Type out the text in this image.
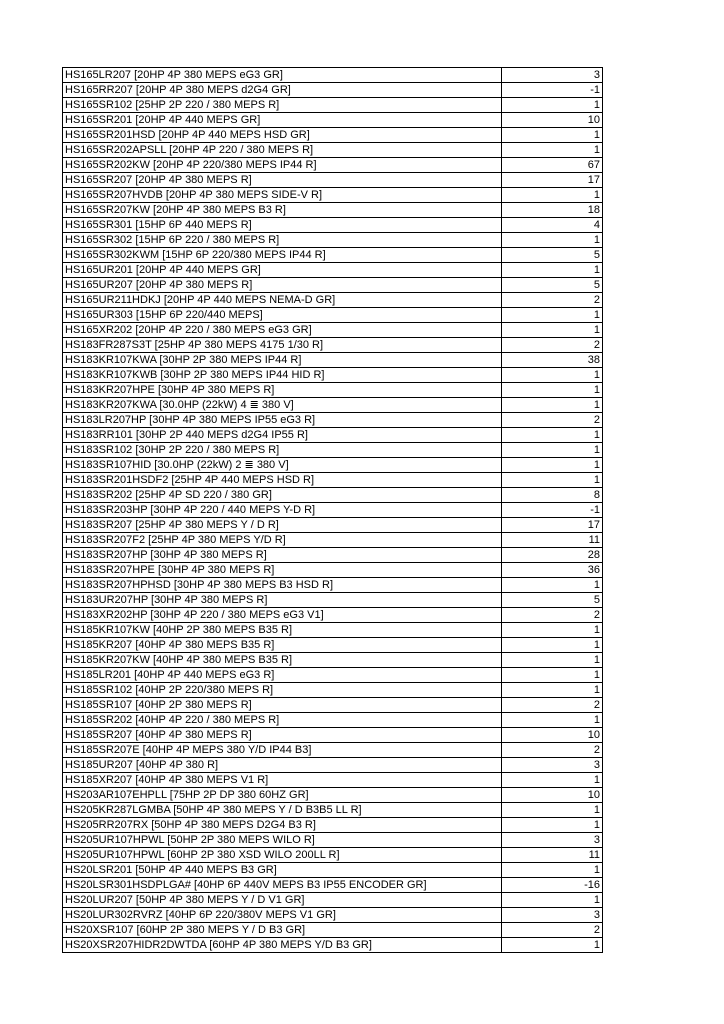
HS165LR207 [20HP 4P 380 MEPS eG3 GR]	3
HS165RR207 [20HP 4P 380 MEPS d2G4 GR]	-1
HS165SR102 [25HP 2P 220 / 380 MEPS R]	1
HS165SR201 [20HP 4P 440 MEPS GR]	10
HS165SR201HSD [20HP 4P 440 MEPS HSD GR]	1
HS165SR202APSLL [20HP 4P 220 / 380 MEPS R]	1
HS165SR202KW [20HP 4P 220/380 MEPS IP44 R]	67
HS165SR207 [20HP 4P 380 MEPS R]	17
HS165SR207HVDB [20HP 4P 380 MEPS SIDE-V R]	1
HS165SR207KW [20HP 4P 380 MEPS B3 R]	18
HS165SR301 [15HP 6P 440 MEPS R]	4
HS165SR302 [15HP 6P 220 / 380 MEPS R]	1
HS165SR302KWM [15HP 6P 220/380 MEPS IP44 R]	5
HS165UR201 [20HP 4P 440 MEPS GR]	1
HS165UR207 [20HP 4P 380 MEPS R]	5
HS165UR211HDKJ [20HP 4P 440 MEPS NEMA-D GR]	2
HS165UR303 [15HP 6P 220/440 MEPS]	1
HS165XR202 [20HP 4P 220 / 380 MEPS eG3 GR]	1
HS183FR287S3T [25HP 4P 380 MEPS 4175 1/30 R]	2
HS183KR107KWA [30HP 2P 380 MEPS IP44 R]	38
HS183KR107KWB [30HP 2P 380 MEPS IP44 HID R]	1
HS183KR207HPE [30HP 4P 380 MEPS R]	1
HS183KR207KWA [30.0HP (22kW) 4 ≣ 380 V]	1
HS183LR207HP [30HP 4P 380 MEPS IP55 eG3 R]	2
HS183RR101 [30HP 2P 440 MEPS d2G4 IP55 R]	1
HS183SR102 [30HP 2P 220 / 380 MEPS R]	1
HS183SR107HID [30.0HP (22kW) 2 ≣ 380 V]	1
HS183SR201HSDF2 [25HP 4P 440 MEPS HSD R]	1
HS183SR202 [25HP 4P SD 220 / 380 GR]	8
HS183SR203HP [30HP 4P 220 / 440 MEPS Y-D R]	-1
HS183SR207 [25HP 4P 380 MEPS Y / D R]	17
HS183SR207F2 [25HP 4P 380 MEPS Y/D R]	11
HS183SR207HP [30HP 4P 380 MEPS R]	28
HS183SR207HPE [30HP 4P 380 MEPS R]	36
HS183SR207HPHSD [30HP 4P 380 MEPS B3 HSD R]	1
HS183UR207HP [30HP 4P 380 MEPS R]	5
HS183XR202HP [30HP 4P 220 / 380 MEPS eG3 V1]	2
HS185KR107KW [40HP 2P 380 MEPS B35 R]	1
HS185KR207 [40HP 4P 380 MEPS B35 R]	1
HS185KR207KW [40HP 4P 380 MEPS B35 R]	1
HS185LR201 [40HP 4P 440 MEPS eG3 R]	1
HS185SR102 [40HP 2P 220/380 MEPS R]	1
HS185SR107 [40HP 2P 380 MEPS R]	2
HS185SR202 [40HP 4P 220 / 380 MEPS R]	1
HS185SR207 [40HP 4P 380 MEPS R]	10
HS185SR207E [40HP 4P MEPS 380 Y/D IP44 B3]	2
HS185UR207 [40HP 4P 380 R]	3
HS185XR207 [40HP 4P 380 MEPS V1 R]	1
HS203AR107EHPLL [75HP 2P DP 380 60HZ GR]	10
HS205KR287LGMBA [50HP 4P 380 MEPS Y / D B3B5 LL R]	1
HS205RR207RX [50HP 4P 380 MEPS D2G4 B3 R]	1
HS205UR107HPWL [50HP 2P 380 MEPS WILO R]	3
HS205UR107HPWL [60HP 2P 380 XSD WILO 200LL R]	11
HS20LSR201 [50HP 4P 440 MEPS B3 GR]	1
HS20LSR301HSDPLGA# [40HP 6P 440V MEPS B3 IP55 ENCODER GR]	-16
HS20LUR207 [50HP 4P 380 MEPS Y / D V1 GR]	1
HS20LUR302RVRZ [40HP 6P 220/380V MEPS V1 GR]	3
HS20XSR107 [60HP 2P 380 MEPS Y / D B3 GR]	2
HS20XSR207HIDR2DWTDA [60HP 4P 380 MEPS Y/D B3 GR]	1
